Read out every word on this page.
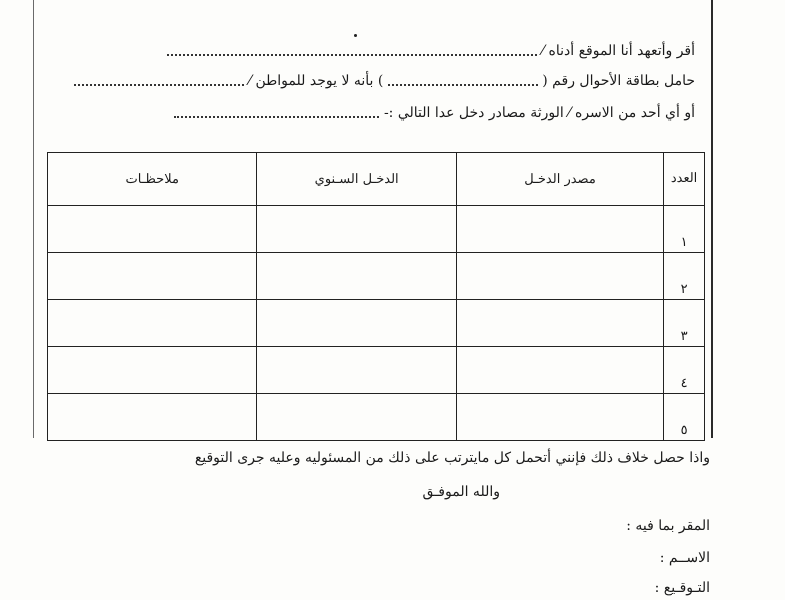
أقر وأتعهد أنا الموقع أدناه ⁄
حامل بطاقة الأحوال رقم (  ) بأنه لا يوجد للمواطن ⁄
أو أي أحد من الاسره ⁄ الورثة مصادر دخل عدا التالي :-
العدد	مصدر الدخـل	الدخـل السـنوي	ملاحظـات
١			
٢			
٣			
٤			
٥			
واذا حصل خلاف ذلك فإنني أتحمل كل مايترتب على ذلك من المسئوليه وعليه جرى التوقيع
والله الموفـق
المقر بما فيه :
الاســم :
التـوقـيع :
